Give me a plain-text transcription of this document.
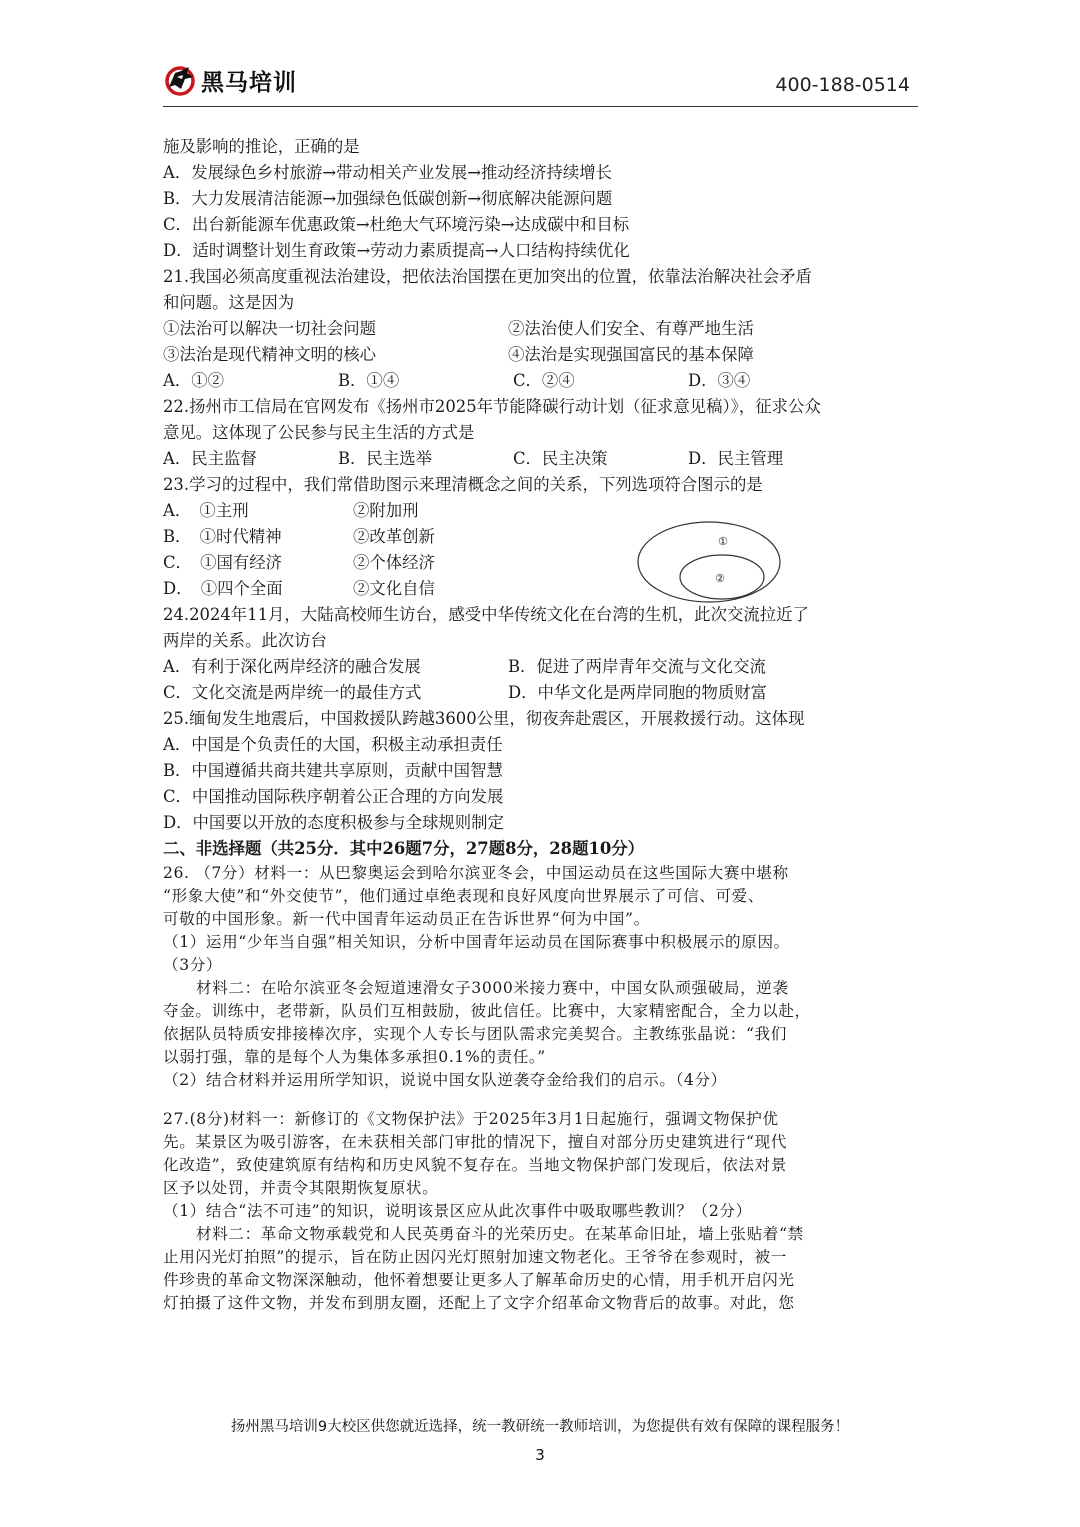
黑马培训	400-188-0514
①
②
施及影响的推论，正确的是
A．发展绿色乡村旅游→带动相关产业发展→推动经济持续增长
B．大力发展清洁能源→加强绿色低碳创新→彻底解决能源问题
C．出台新能源车优惠政策→杜绝大气环境污染→达成碳中和目标
D．适时调整计划生育政策→劳动力素质提高→人口结构持续优化
21.我国必须高度重视法治建设，把依法治国摆在更加突出的位置，依靠法治解决社会矛盾
和问题。这是因为
①法治可以解决一切社会问题	②法治使人们安全、有尊严地生活
③法治是现代精神文明的核心	④法治是实现强国富民的基本保障
A．①②	B．①④	C．②④	D．③④
22.扬州市工信局在官网发布《扬州市2025年节能降碳行动计划（征求意见稿）》，征求公众
意见。这体现了公民参与民主生活的方式是
A．民主监督	B．民主选举	C．民主决策	D．民主管理
23.学习的过程中，我们常借助图示来理清概念之间的关系，下列选项符合图示的是
A．　①主刑	②附加刑
B．　①时代精神	②改革创新
C．　①国有经济	②个体经济
D．　①四个全面	②文化自信
24.2024年11月，大陆高校师生访台，感受中华传统文化在台湾的生机，此次交流拉近了
两岸的关系。此次访台
A．有利于深化两岸经济的融合发展	B．促进了两岸青年交流与文化交流
C．文化交流是两岸统一的最佳方式	D．中华文化是两岸同胞的物质财富
25.缅甸发生地震后，中国救援队跨越3600公里，彻夜奔赴震区，开展救援行动。这体现
A．中国是个负责任的大国，积极主动承担责任
B．中国遵循共商共建共享原则，贡献中国智慧
C．中国推动国际秩序朝着公正合理的方向发展
D．中国要以开放的态度积极参与全球规则制定
二、非选择题（共25分．其中26题7分，27题8分，28题10分）
26. （7分）材料一：从巴黎奥运会到哈尔滨亚冬会，中国运动员在这些国际大赛中堪称
“形象大使”和“外交使节”，他们通过卓绝表现和良好风度向世界展示了可信、可爱、
可敬的中国形象。新一代中国青年运动员正在告诉世界“何为中国”。
（1）运用“少年当自强”相关知识，分析中国青年运动员在国际赛事中积极展示的原因。
（3分）
材料二：在哈尔滨亚冬会短道速滑女子3000米接力赛中，中国女队顽强破局，逆袭
夺金。训练中，老带新，队员们互相鼓励，彼此信任。比赛中，大家精密配合，全力以赴，
依据队员特质安排接棒次序，实现个人专长与团队需求完美契合。主教练张晶说：“我们
以弱打强，靠的是每个人为集体多承担0.1%的责任。”
（2）结合材料并运用所学知识，说说中国女队逆袭夺金给我们的启示。（4分）
27.(8分)材料一：新修订的《文物保护法》于2025年3月1日起施行，强调文物保护优
先。某景区为吸引游客，在未获相关部门审批的情况下，擅自对部分历史建筑进行“现代
化改造”，致使建筑原有结构和历史风貌不复存在。当地文物保护部门发现后，依法对景
区予以处罚，并责令其限期恢复原状。
（1）结合“法不可违”的知识，说明该景区应从此次事件中吸取哪些教训？（2分）
材料二：革命文物承载党和人民英勇奋斗的光荣历史。在某革命旧址，墙上张贴着“禁
止用闪光灯拍照”的提示，旨在防止因闪光灯照射加速文物老化。王爷爷在参观时，被一
件珍贵的革命文物深深触动，他怀着想要让更多人了解革命历史的心情，用手机开启闪光
灯拍摄了这件文物，并发布到朋友圈，还配上了文字介绍革命文物背后的故事。对此，您
扬州黑马培训9大校区供您就近选择，统一教研统一教师培训，为您提供有效有保障的课程服务！
3
